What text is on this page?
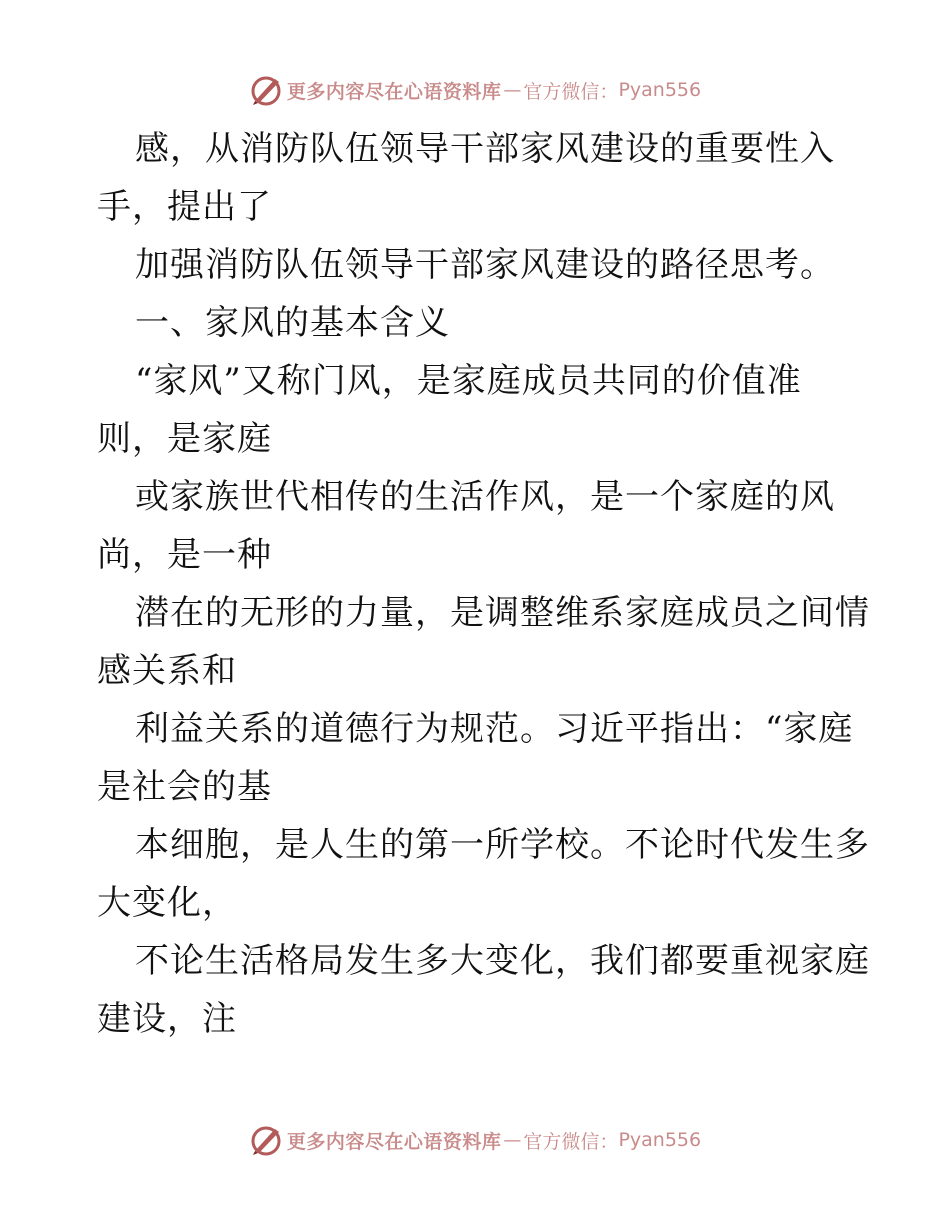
更多内容尽在心语资料库 — 官方微信： Pyan556
感，从消防队伍领导干部家风建设的重要性入
手，提出了
加强消防队伍领导干部家风建设的路径思考。
一、家风的基本含义
“家风”又称门风，是家庭成员共同的价值准
则，是家庭
或家族世代相传的生活作风，是一个家庭的风
尚，是一种
潜在的无形的力量，是调整维系家庭成员之间情
感关系和
利益关系的道德行为规范。习近平指出：“家庭
是社会的基
本细胞，是人生的第一所学校。不论时代发生多
大变化，
不论生活格局发生多大变化，我们都要重视家庭
建设，注
更多内容尽在心语资料库 — 官方微信： Pyan556
